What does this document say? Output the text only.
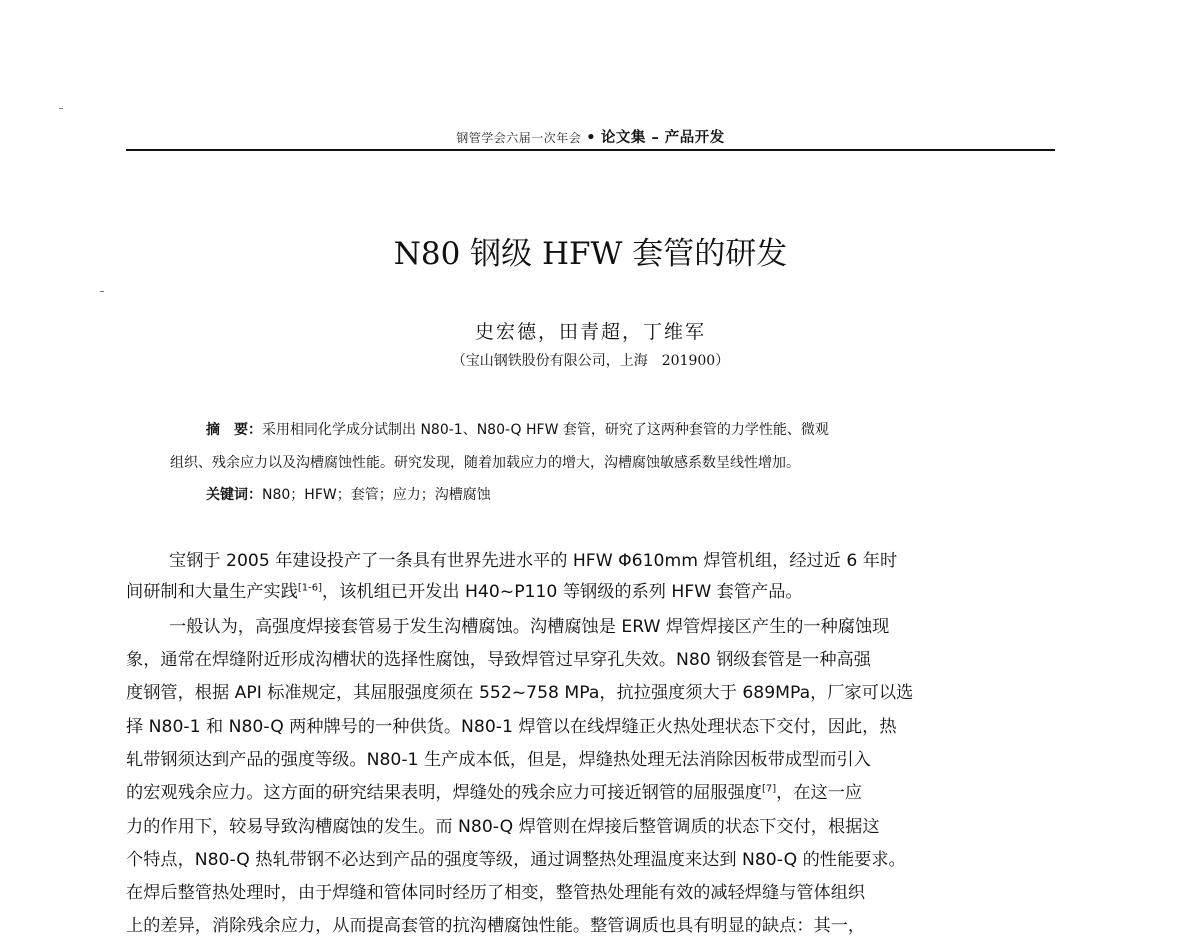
钢管学会六届一次年会 • 论文集 – 产品开发
N80 钢级 HFW 套管的研发
史宏德，田青超，丁维军
（宝山钢铁股份有限公司，上海　201900）
摘　要：采用相同化学成分试制出 N80-1、N80-Q HFW 套管，研究了这两种套管的力学性能、微观
组织、残余应力以及沟槽腐蚀性能。研究发现，随着加载应力的增大，沟槽腐蚀敏感系数呈线性增加。
关键词：N80；HFW；套管；应力；沟槽腐蚀
宝钢于 2005 年建设投产了一条具有世界先进水平的 HFW Φ610mm 焊管机组，经过近 6 年时
间研制和大量生产实践[1-6]，该机组已开发出 H40~P110 等钢级的系列 HFW 套管产品。
一般认为，高强度焊接套管易于发生沟槽腐蚀。沟槽腐蚀是 ERW 焊管焊接区产生的一种腐蚀现
象，通常在焊缝附近形成沟槽状的选择性腐蚀，导致焊管过早穿孔失效。N80 钢级套管是一种高强
度钢管，根据 API 标准规定，其屈服强度须在 552~758 MPa，抗拉强度须大于 689MPa，厂家可以选
择 N80-1 和 N80-Q 两种牌号的一种供货。N80-1 焊管以在线焊缝正火热处理状态下交付，因此，热
轧带钢须达到产品的强度等级。N80-1 生产成本低，但是，焊缝热处理无法消除因板带成型而引入
的宏观残余应力。这方面的研究结果表明，焊缝处的残余应力可接近钢管的屈服强度[7]，在这一应
力的作用下，较易导致沟槽腐蚀的发生。而 N80-Q 焊管则在焊接后整管调质的状态下交付，根据这
个特点，N80-Q 热轧带钢不必达到产品的强度等级，通过调整热处理温度来达到 N80-Q 的性能要求。
在焊后整管热处理时，由于焊缝和管体同时经历了相变，整管热处理能有效的减轻焊缝与管体组织
上的差异，消除残余应力，从而提高套管的抗沟槽腐蚀性能。整管调质也具有明显的缺点：其一，
